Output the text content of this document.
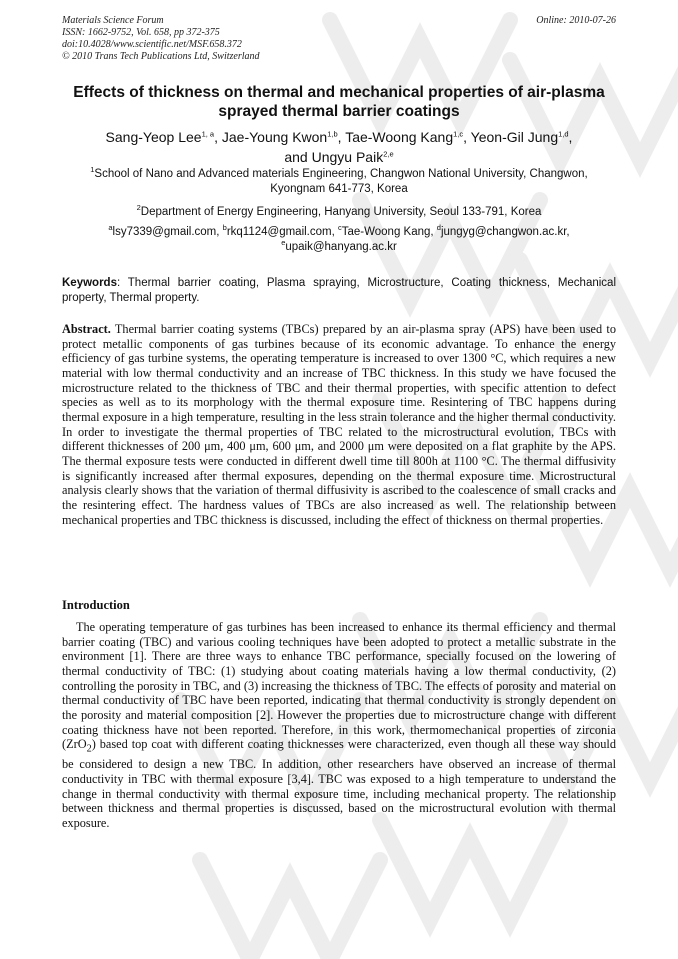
Materials Science Forum
ISSN: 1662-9752, Vol. 658, pp 372-375
doi:10.4028/www.scientific.net/MSF.658.372
© 2010 Trans Tech Publications Ltd, Switzerland
Online: 2010-07-26
Effects of thickness on thermal and mechanical properties of air-plasma sprayed thermal barrier coatings
Sang-Yeop Lee$^{1, a}$, Jae-Young Kwon$^{1,b}$, Tae-Woong Kang$^{1,c}$, Yeon-Gil Jung$^{1,d}$,
and Ungyu Paik$^{2,e}$
$^1$School of Nano and Advanced materials Engineering, Changwon National University, Changwon, Kyongnam 641-773, Korea
$^2$Department of Energy Engineering, Hanyang University, Seoul 133-791, Korea
$^a$lsy7339@gmail.com, $^b$rkq1124@gmail.com, $^c$Tae-Woong Kang, $^d$jungyg@changwon.ac.kr,
$^e$upaik@hanyang.ac.kr
Keywords: Thermal barrier coating, Plasma spraying, Microstructure, Coating thickness, Mechanical property, Thermal property.
Abstract. Thermal barrier coating systems (TBCs) prepared by an air-plasma spray (APS) have been used to protect metallic components of gas turbines because of its economic advantage. To enhance the energy efficiency of gas turbine systems, the operating temperature is increased to over 1300 °C, which requires a new material with low thermal conductivity and an increase of TBC thickness. In this study we have focused the microstructure related to the thickness of TBC and their thermal properties, with specific attention to defect species as well as to its morphology with the thermal exposure time. Resintering of TBC happens during thermal exposure in a high temperature, resulting in the less strain tolerance and the higher thermal conductivity. In order to investigate the thermal properties of TBC related to the microstructural evolution, TBCs with different thicknesses of 200 μm, 400 μm, 600 μm, and 2000 μm were deposited on a flat graphite by the APS. The thermal exposure tests were conducted in different dwell time till 800h at 1100 °C. The thermal diffusivity is significantly increased after thermal exposures, depending on the thermal exposure time. Microstructural analysis clearly shows that the variation of thermal diffusivity is ascribed to the coalescence of small cracks and the resintering effect. The hardness values of TBCs are also increased as well. The relationship between mechanical properties and TBC thickness is discussed, including the effect of thickness on thermal properties.
Introduction
The operating temperature of gas turbines has been increased to enhance its thermal efficiency and thermal barrier coating (TBC) and various cooling techniques have been adopted to protect a metallic substrate in the environment [1]. There are three ways to enhance TBC performance, specially focused on the lowering of thermal conductivity of TBC: (1) studying about coating materials having a low thermal conductivity, (2) controlling the porosity in TBC, and (3) increasing the thickness of TBC. The effects of porosity and material on thermal conductivity of TBC have been reported, indicating that thermal conductivity is strongly dependent on the porosity and material composition [2]. However the properties due to microstructure change with different coating thickness have not been reported. Therefore, in this work, thermomechanical properties of zirconia (ZrO$_2$) based top coat with different coating thicknesses were characterized, even though all these way should be considered to design a new TBC. In addition, other researchers have observed an increase of thermal conductivity in TBC with thermal exposure [3,4]. TBC was exposed to a high temperature to understand the change in thermal conductivity with thermal exposure time, including mechanical property. The relationship between thickness and thermal properties is discussed, based on the microstructural evolution with thermal exposure.
